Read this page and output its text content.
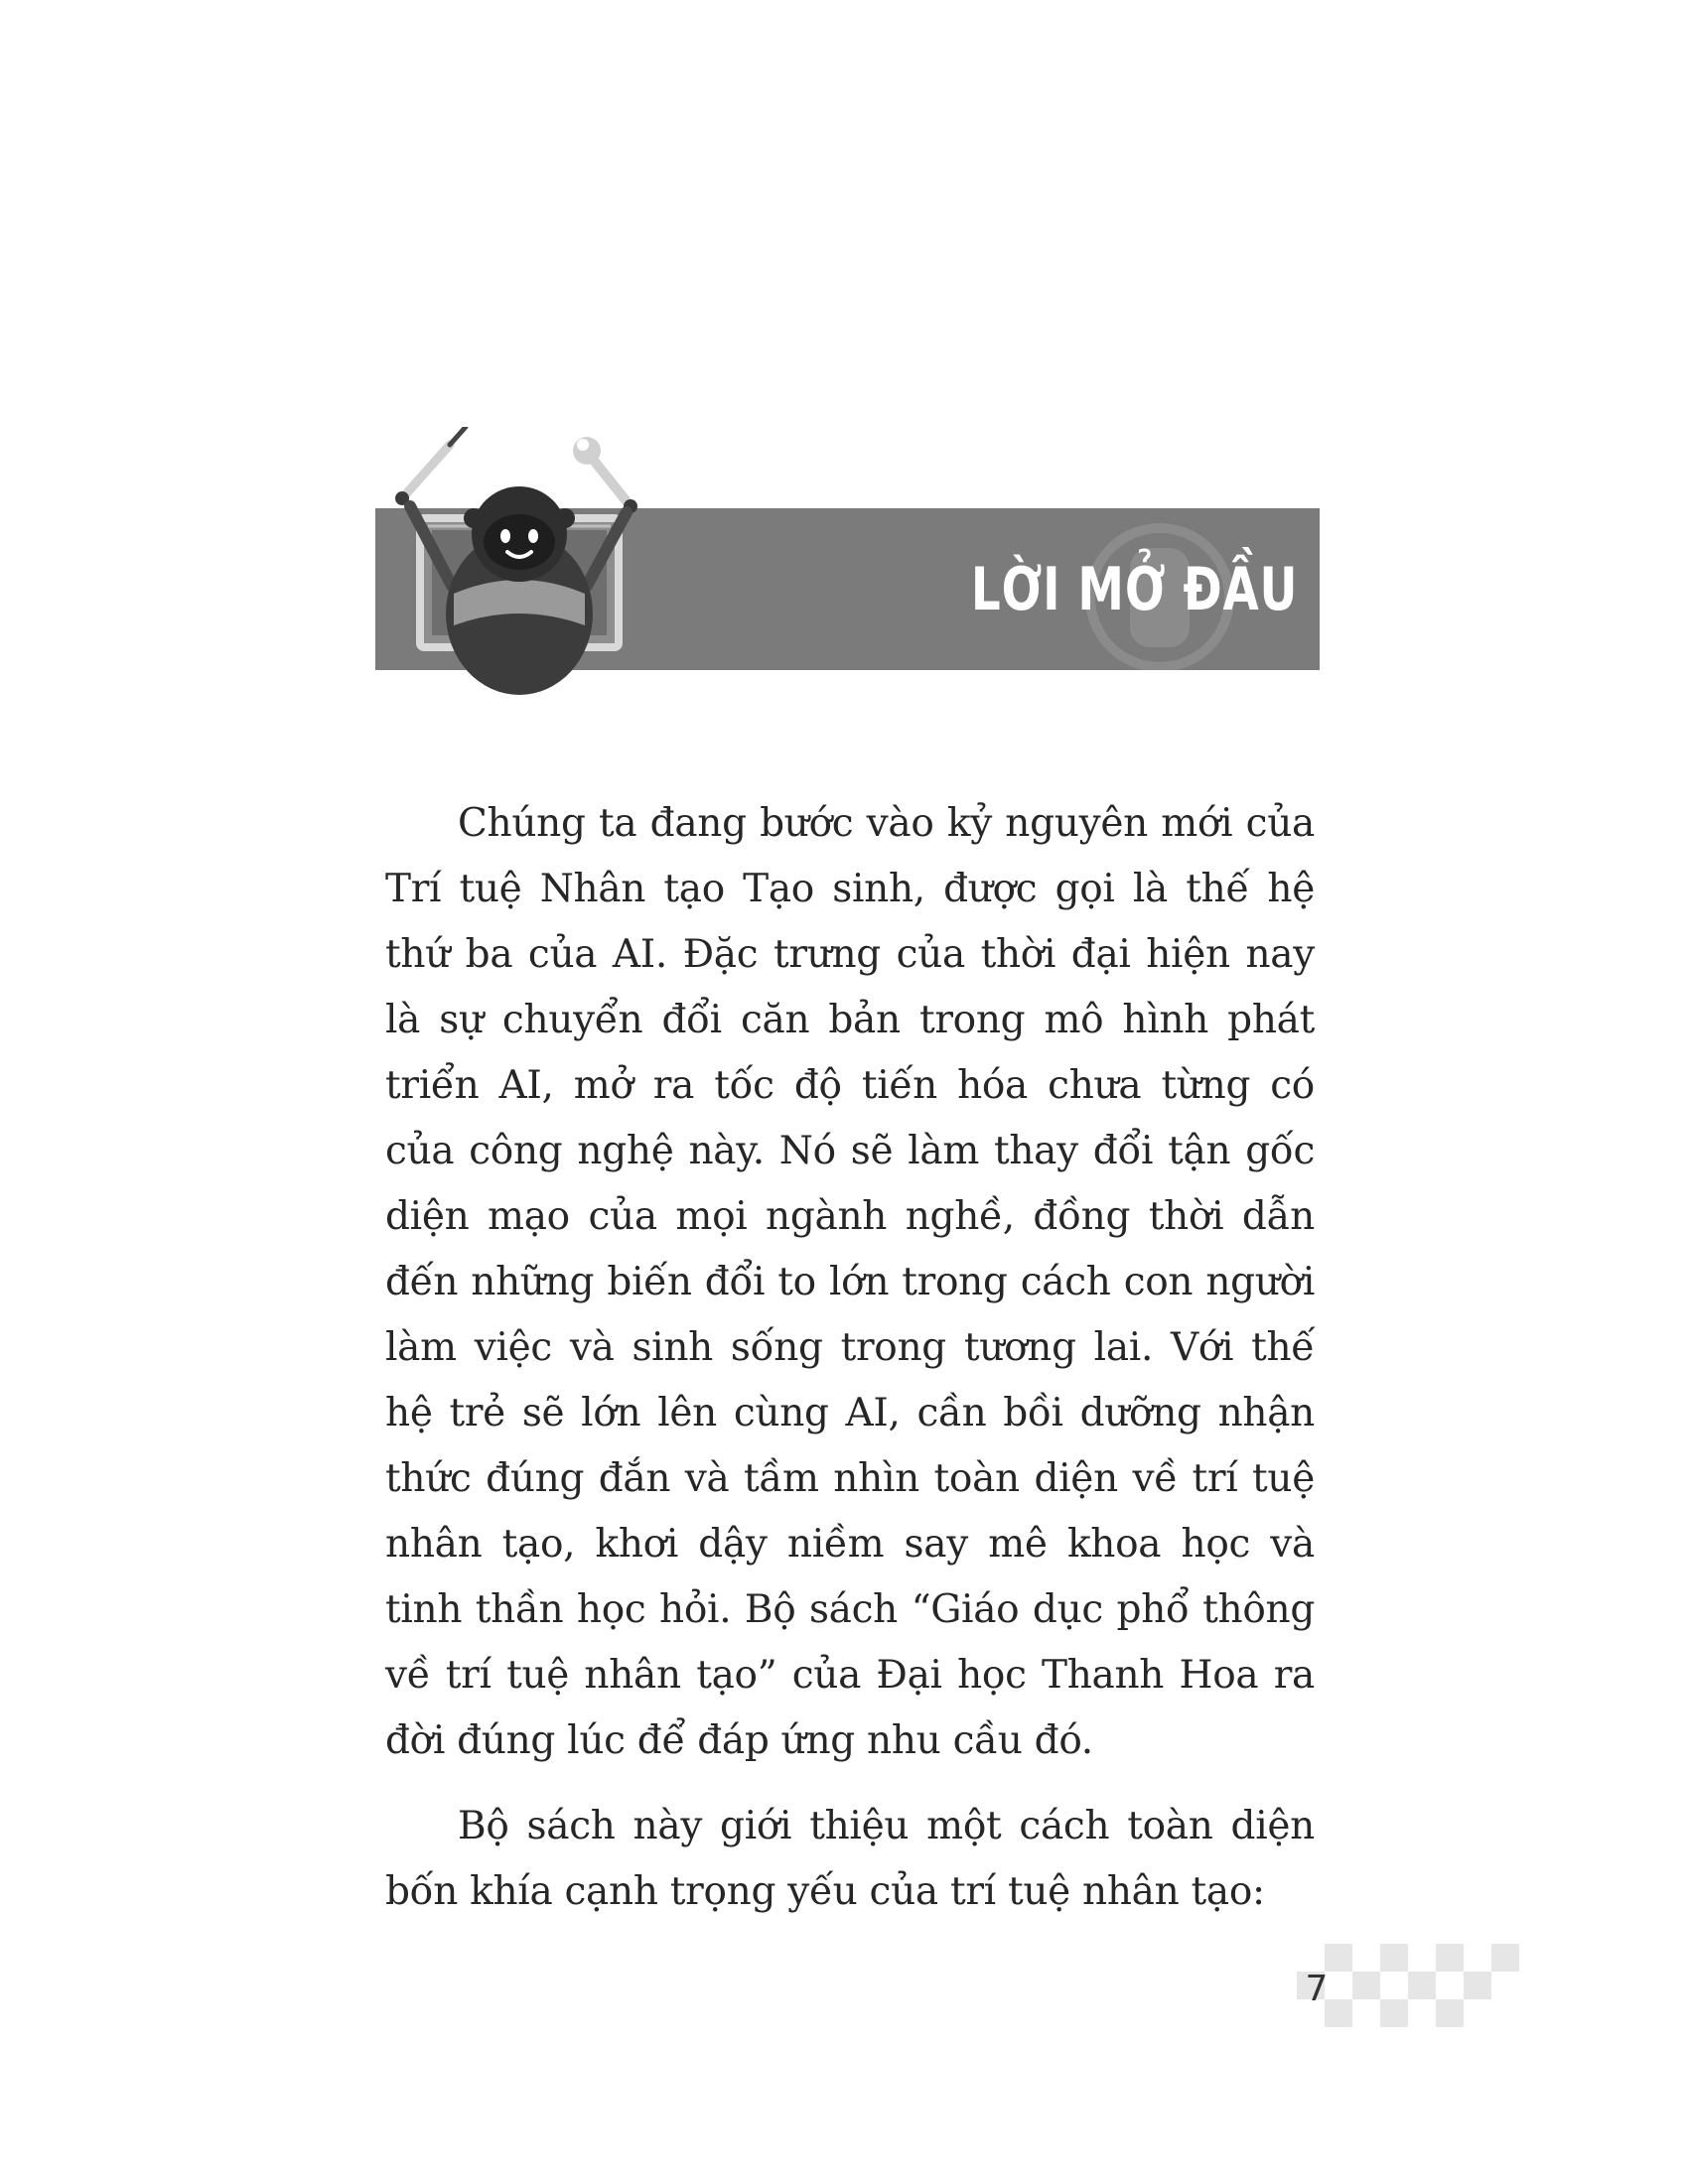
LỜI MỞ ĐẦU

Chúng ta đang bước vào kỷ nguyên mới của Trí tuệ Nhân tạo Tạo sinh, được gọi là thế hệ thứ ba của AI. Đặc trưng của thời đại hiện nay là sự chuyển đổi căn bản trong mô hình phát triển AI, mở ra tốc độ tiến hóa chưa từng có của công nghệ này. Nó sẽ làm thay đổi tận gốc diện mạo của mọi ngành nghề, đồng thời dẫn đến những biến đổi to lớn trong cách con người làm việc và sinh sống trong tương lai. Với thế hệ trẻ sẽ lớn lên cùng AI, cần bồi dưỡng nhận thức đúng đắn và tầm nhìn toàn diện về trí tuệ nhân tạo, khơi dậy niềm say mê khoa học và tinh thần học hỏi. Bộ sách “Giáo dục phổ thông về trí tuệ nhân tạo” của Đại học Thanh Hoa ra đời đúng lúc để đáp ứng nhu cầu đó.

Bộ sách này giới thiệu một cách toàn diện bốn khía cạnh trọng yếu của trí tuệ nhân tạo:

7
